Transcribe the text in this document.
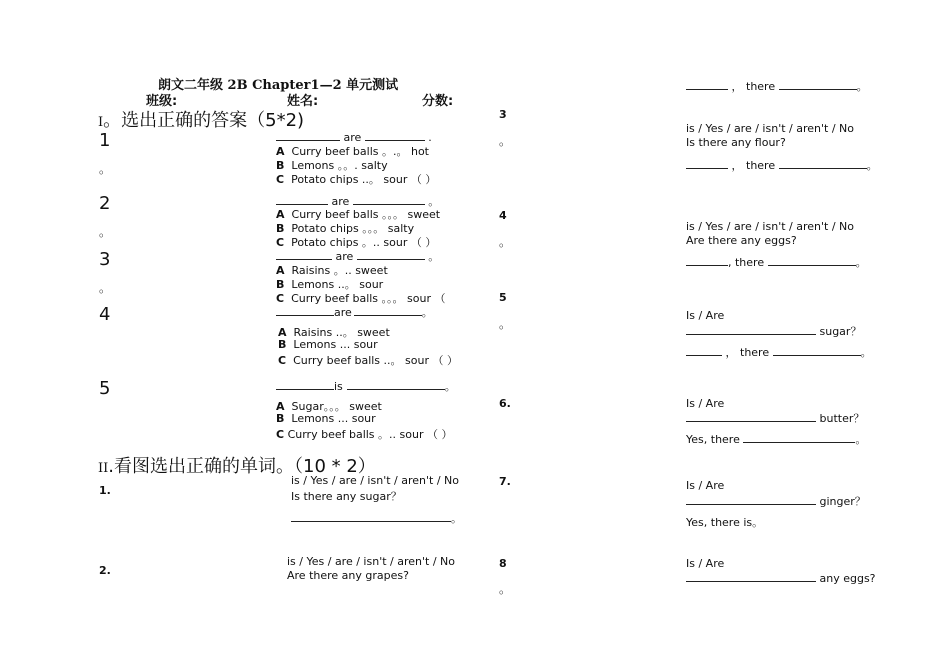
朗文二年级 2B Chapter1—2 单元测试
班级:	姓名:	分数:
I。选出正确的答案（5*2)
1
。
are	.
A Curry beef balls 。.。 hot
B Lemons 。。. salty
C Potato chips ..。 sour （ ）
2
。
are	。
A Curry beef balls 。。。 sweet
B Potato chips 。。。 salty
C Potato chips 。.. sour （ ）
3
。
are	。
A Raisins 。.. sweet
B Lemons ..。 sour
C Curry beef balls 。。。 sour （
4	are	。
A Raisins ..。 sweet
B Lemons ... sour
C Curry beef balls ..。 sour （ ）
5	is	。
A Sugar。。。 sweet
B Lemons ... sour
C Curry beef balls 。.. sour （ ）
II.看图选出正确的单词。（10 * 2）
1.
is / Yes / are / isn't / aren't / No
Is there any sugar？
。
2.
is / Yes / are / isn't / aren't / No
Are there any grapes?
， there	。
3
。
is / Yes / are / isn't / aren't / No
Is there any flour?
， there	。
4
。
is / Yes / are / isn't / aren't / No
Are there any eggs?
, there	。
5
。
Is / Are
sugar？
， there	。
6.	Is / Are
butter？
Yes, there	。
7.	Is / Are
ginger？
Yes, there is。
8
。
Is / Are
any eggs?
